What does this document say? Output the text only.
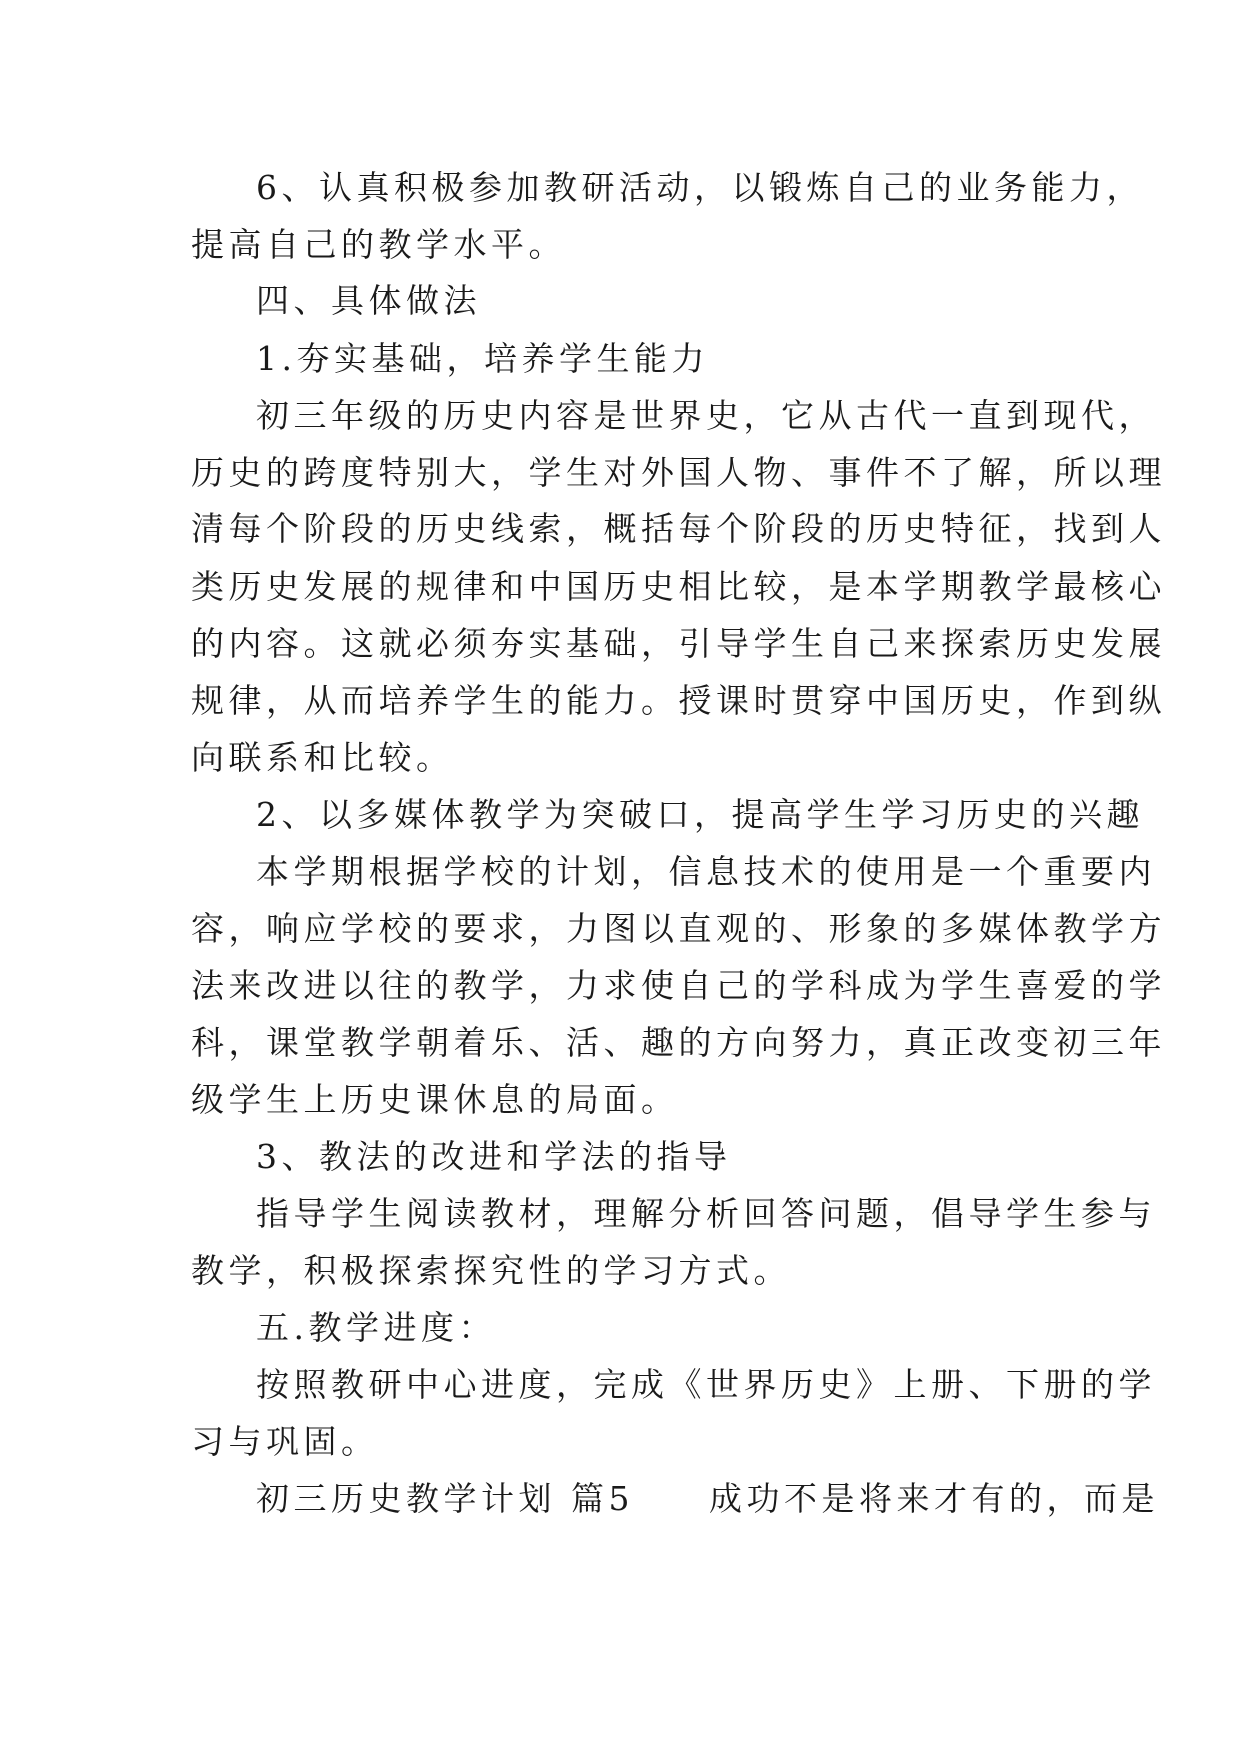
6、认真积极参加教研活动，以锻炼自己的业务能力，
提高自己的教学水平。
四、具体做法
1.夯实基础，培养学生能力
初三年级的历史内容是世界史，它从古代一直到现代，
历史的跨度特别大，学生对外国人物、事件不了解，所以理
清每个阶段的历史线索，概括每个阶段的历史特征，找到人
类历史发展的规律和中国历史相比较，是本学期教学最核心
的内容。这就必须夯实基础，引导学生自己来探索历史发展
规律，从而培养学生的能力。授课时贯穿中国历史，作到纵
向联系和比较。
2、以多媒体教学为突破口，提高学生学习历史的兴趣
本学期根据学校的计划，信息技术的使用是一个重要内
容，响应学校的要求，力图以直观的、形象的多媒体教学方
法来改进以往的教学，力求使自己的学科成为学生喜爱的学
科，课堂教学朝着乐、活、趣的方向努力，真正改变初三年
级学生上历史课休息的局面。
3、教法的改进和学法的指导
指导学生阅读教材，理解分析回答问题，倡导学生参与
教学，积极探索探究性的学习方式。
五.教学进度：
按照教研中心进度，完成《世界历史》上册、下册的学
习与巩固。
初三历史教学计划 篇5　　成功不是将来才有的，而是
